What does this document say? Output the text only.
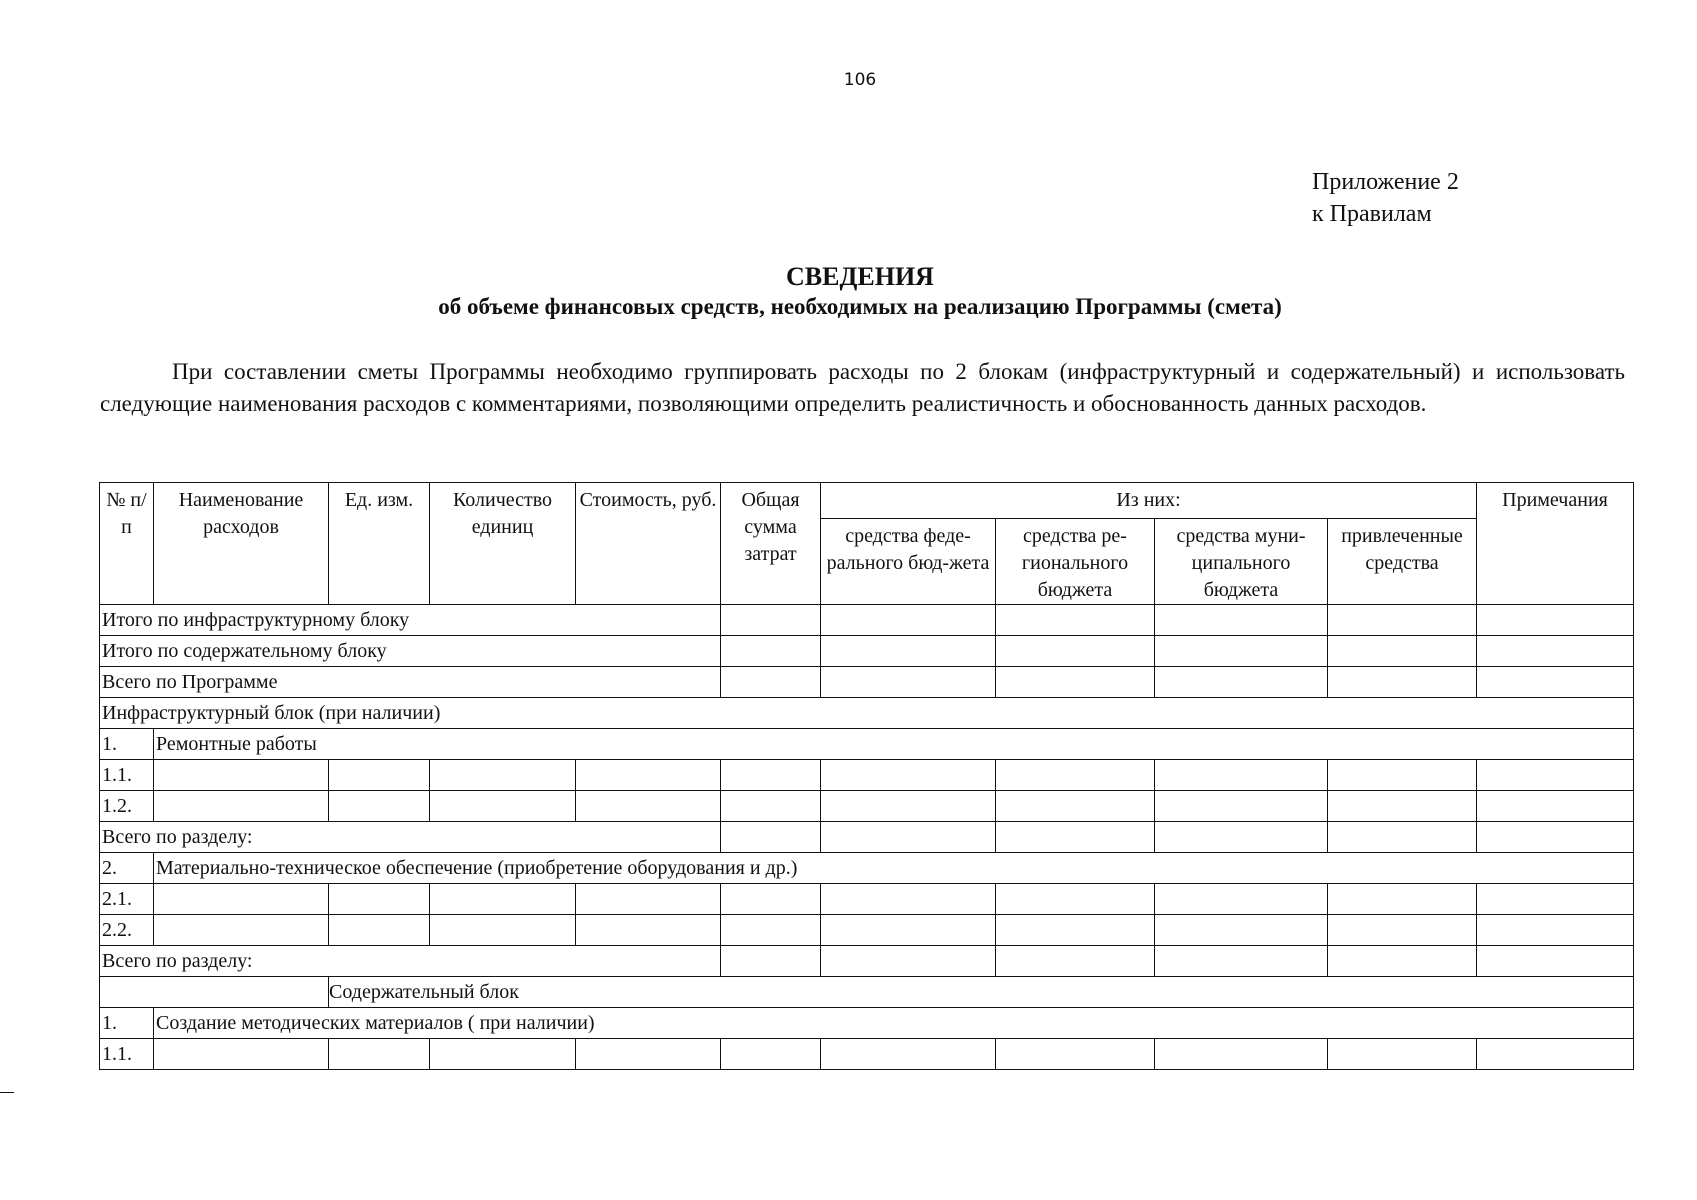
106
Приложение 2
к Правилам
СВЕДЕНИЯ
об объеме финансовых средств, необходимых на реализацию Программы (смета)
При составлении сметы Программы необходимо группировать расходы по 2 блокам (инфраструктурный и содержательный) и использовать следующие наименования расходов с комментариями, позволяющими определить реалистичность и обоснованность данных расходов.
№ п/п	Наименование расходов	Ед. изм.	Количество единиц	Стоимость, руб.	Общая сумма затрат	Из них:				Примечания
						средства феде-рального бюд-жета	средства ре-гионального бюджета	средства муни-ципального бюджета	привлеченные средства	
Итого по инфраструктурному блоку										
Итого по содержательному блоку										
Всего по Программе										
Инфраструктурный блок (при наличии)										
1.	Ремонтные работы									
1.1.										
1.2.										
Всего по разделу:										
2.	Материально-техническое обеспечение (приобретение оборудования и др.)									
2.1.										
2.2.										
Всего по разделу:										
		Содержательный блок								
1.	Создание методических материалов ( при наличии)									
1.1.										
